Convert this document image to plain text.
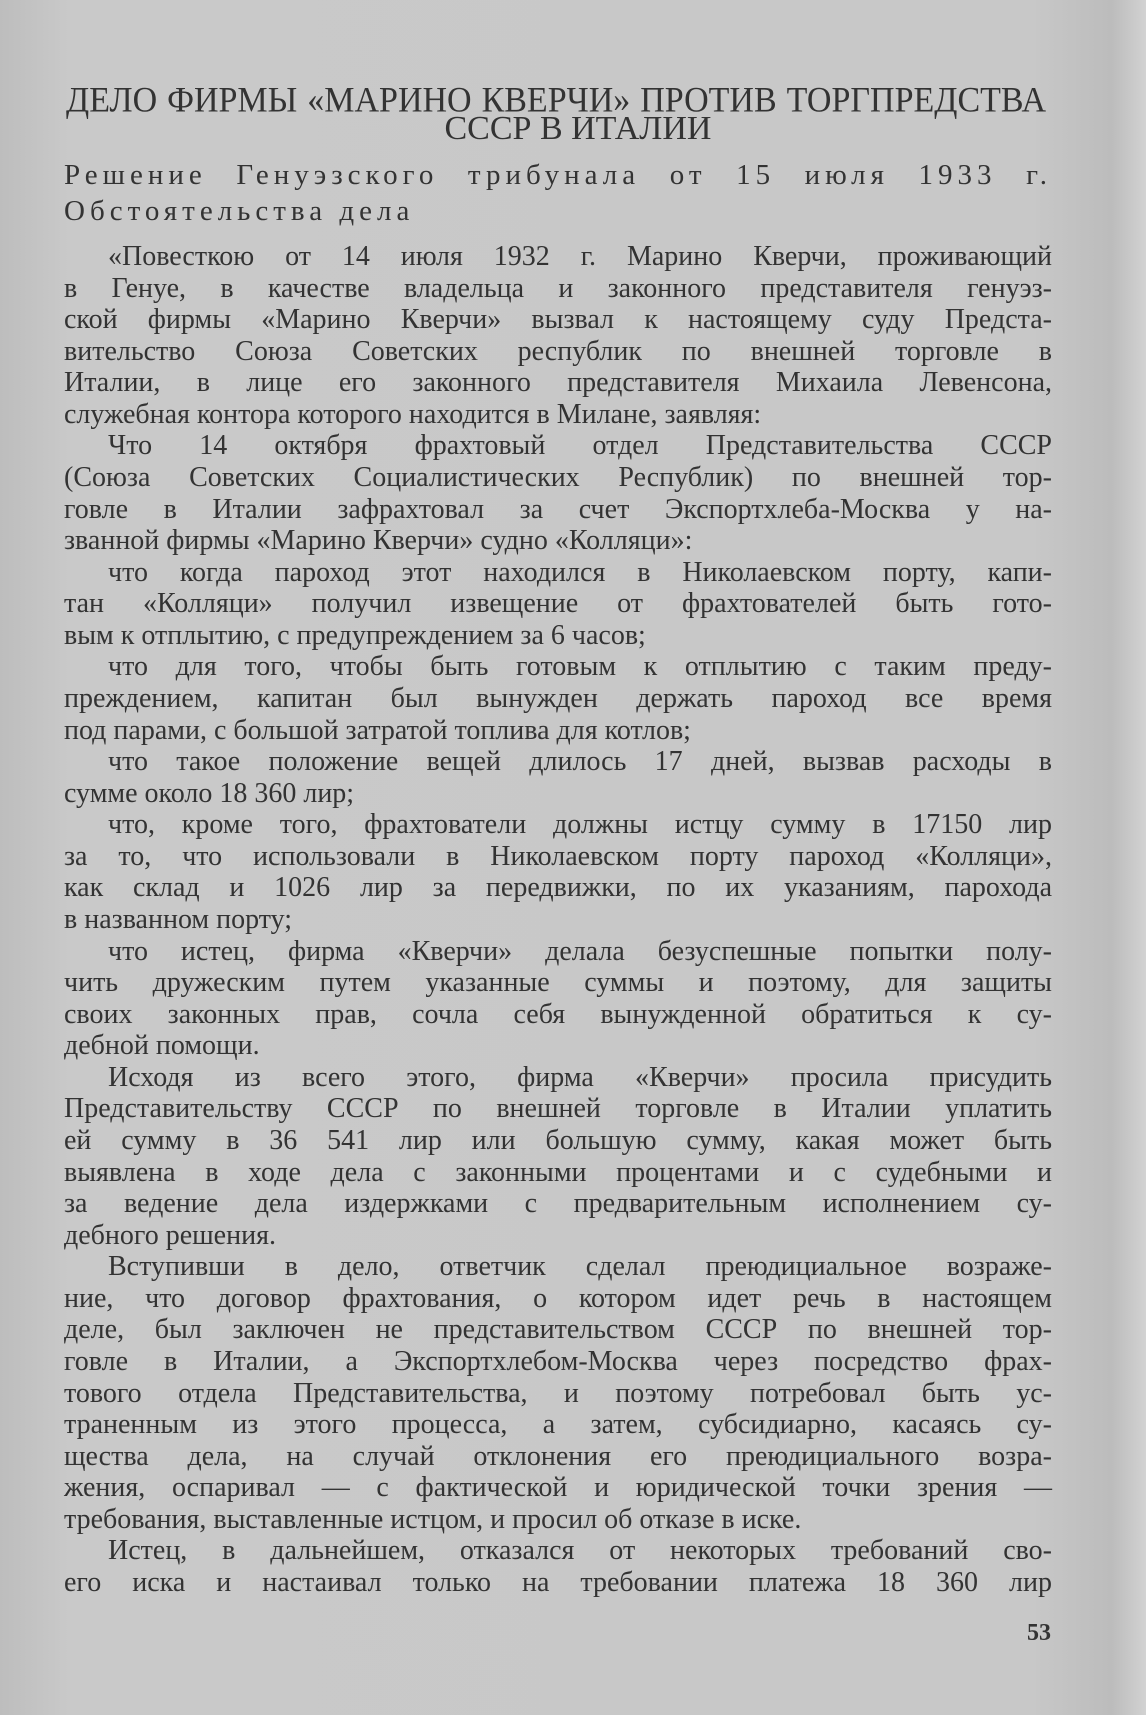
ДЕЛО ФИРМЫ «МАРИНО КВЕРЧИ» ПРОТИВ ТОРГПРЕДСТВА
СССР В ИТАЛИИ
Решение Генуэзского трибунала от 15 июля 1933 г.
Обстоятельства дела
«Повесткою от 14 июля 1932 г. Марино Кверчи, проживающий
в Генуе, в качестве владельца и законного представителя генуэз-
ской фирмы «Марино Кверчи» вызвал к настоящему суду Предста-
вительство Союза Советских республик по внешней торговле в
Италии, в лице его законного представителя Михаила Левенсона,
служебная контора которого находится в Милане, заявляя:
Что 14 октября фрахтовый отдел Представительства СССР
(Союза Советских Социалистических Республик) по внешней тор-
говле в Италии зафрахтовал за счет Экспортхлеба-Москва у на-
званной фирмы «Марино Кверчи» судно «Колляци»:
что когда пароход этот находился в Николаевском порту, капи-
тан «Колляци» получил извещение от фрахтователей быть гото-
вым к отплытию, с предупреждением за 6 часов;
что для того, чтобы быть готовым к отплытию с таким преду-
преждением, капитан был вынужден держать пароход все время
под парами, с большой затратой топлива для котлов;
что такое положение вещей длилось 17 дней, вызвав расходы в
сумме около 18 360 лир;
что, кроме того, фрахтователи должны истцу сумму в 17150 лир
за то, что использовали в Николаевском порту пароход «Колляци»,
как склад и 1026 лир за передвижки, по их указаниям, парохода
в названном порту;
что истец, фирма «Кверчи» делала безуспешные попытки полу-
чить дружеским путем указанные суммы и поэтому, для защиты
своих законных прав, сочла себя вынужденной обратиться к су-
дебной помощи.
Исходя из всего этого, фирма «Кверчи» просила присудить
Представительству СССР по внешней торговле в Италии уплатить
ей сумму в 36 541 лир или большую сумму, какая может быть
выявлена в ходе дела с законными процентами и с судебными и
за ведение дела издержками с предварительным исполнением су-
дебного решения.
Вступивши в дело, ответчик сделал преюдициальное возраже-
ние, что договор фрахтования, о котором идет речь в настоящем
деле, был заключен не представительством СССР по внешней тор-
говле в Италии, а Экспортхлебом-Москва через посредство фрах-
тового отдела Представительства, и поэтому потребовал быть ус-
траненным из этого процесса, а затем, субсидиарно, касаясь су-
щества дела, на случай отклонения его преюдициального возра-
жения, оспаривал — с фактической и юридической точки зрения —
требования, выставленные истцом, и просил об отказе в иске.
Истец, в дальнейшем, отказался от некоторых требований сво-
его иска и настаивал только на требовании платежа 18 360 лир
53
